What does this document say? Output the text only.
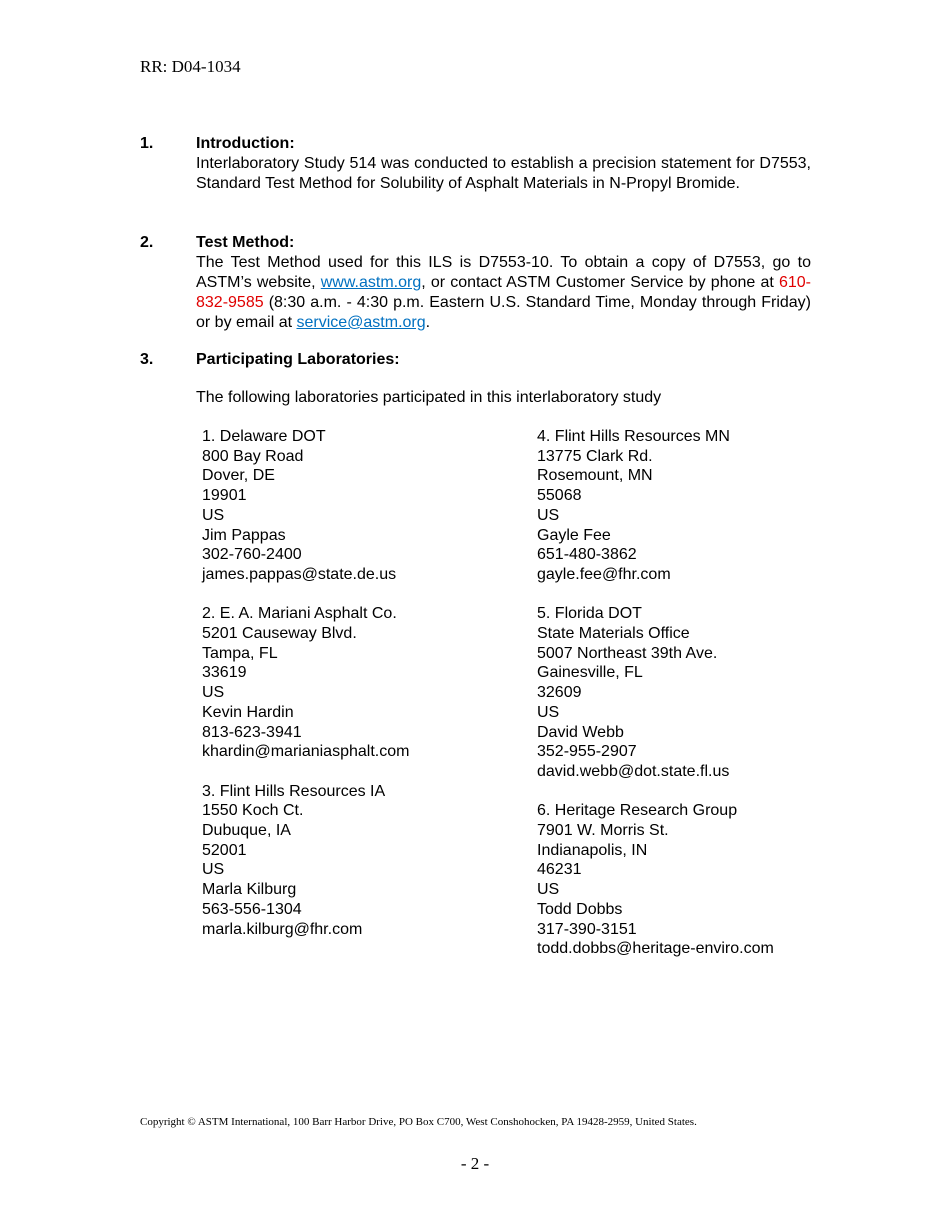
RR: D04-1034
1.	Introduction:
Interlaboratory Study 514 was conducted to establish a precision statement for D7553, Standard Test Method for Solubility of Asphalt Materials in N-Propyl Bromide.
2.	Test Method:
The Test Method used for this ILS is D7553-10. To obtain a copy of D7553, go to ASTM’s website, www.astm.org, or contact ASTM Customer Service by phone at 610-832-9585 (8:30 a.m. - 4:30 p.m. Eastern U.S. Standard Time, Monday through Friday) or by email at service@astm.org.
3.	Participating Laboratories:
The following laboratories participated in this interlaboratory study
1. Delaware DOT
800 Bay Road
Dover, DE
19901
US
Jim Pappas
302-760-2400
james.pappas@state.de.us
2. E. A. Mariani Asphalt Co.
5201 Causeway Blvd.
Tampa, FL
33619
US
Kevin Hardin
813-623-3941
khardin@marianiasphalt.com
3. Flint Hills Resources IA
1550 Koch Ct.
Dubuque, IA
52001
US
Marla Kilburg
563-556-1304
marla.kilburg@fhr.com
4. Flint Hills Resources MN
13775 Clark Rd.
Rosemount, MN
55068
US
Gayle Fee
651-480-3862
gayle.fee@fhr.com
5. Florida DOT
State Materials Office
5007 Northeast 39th Ave.
Gainesville, FL
32609
US
David Webb
352-955-2907
david.webb@dot.state.fl.us
6. Heritage Research Group
7901 W. Morris St.
Indianapolis, IN
46231
US
Todd Dobbs
317-390-3151
todd.dobbs@heritage-enviro.com
Copyright © ASTM International, 100 Barr Harbor Drive, PO Box C700, West Conshohocken, PA 19428-2959, United States.
- 2 -
